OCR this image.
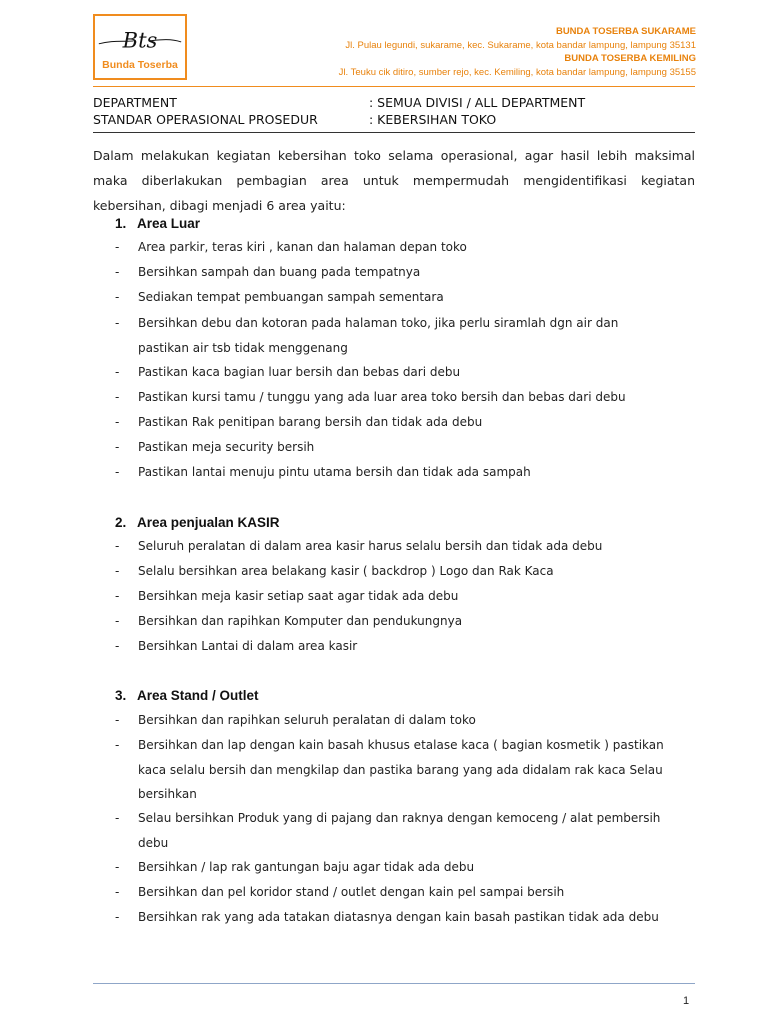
Bts
Bunda Toserba
BUNDA TOSERBA SUKARAME
Jl. Pulau legundi, sukarame, kec. Sukarame, kota bandar lampung, lampung 35131
BUNDA TOSERBA KEMILING
Jl. Teuku cik ditiro, sumber rejo, kec. Kemiling, kota bandar lampung, lampung 35155
DEPARTMENT	: SEMUA DIVISI / ALL DEPARTMENT
STANDAR OPERASIONAL PROSEDUR	: KEBERSIHAN TOKO
Dalam melakukan kegiatan kebersihan toko selama operasional, agar hasil lebih maksimal
maka diberlakukan pembagian area untuk mempermudah mengidentifikasi kegiatan
kebersihan, dibagi menjadi 6 area yaitu:
1. Area Luar
- Area parkir, teras kiri , kanan dan halaman depan toko
- Bersihkan sampah dan buang pada tempatnya
- Sediakan tempat pembuangan sampah sementara
- Bersihkan debu dan kotoran pada halaman toko, jika perlu siramlah dgn air dan
pastikan air tsb tidak menggenang
- Pastikan kaca bagian luar bersih dan bebas dari debu
- Pastikan kursi tamu / tunggu yang ada luar area toko bersih dan bebas dari debu
- Pastikan Rak penitipan barang bersih dan tidak ada debu
- Pastikan meja security bersih
- Pastikan lantai menuju pintu utama bersih dan tidak ada sampah
2. Area penjualan KASIR
- Seluruh peralatan di dalam area kasir harus selalu bersih dan tidak ada debu
- Selalu bersihkan area belakang kasir ( backdrop ) Logo dan Rak Kaca
- Bersihkan meja kasir setiap saat agar tidak ada debu
- Bersihkan dan rapihkan Komputer dan pendukungnya
- Bersihkan Lantai di dalam area kasir
3. Area Stand / Outlet
- Bersihkan dan rapihkan seluruh peralatan di dalam toko
- Bersihkan dan lap dengan kain basah khusus etalase kaca ( bagian kosmetik ) pastikan
kaca selalu bersih dan mengkilap dan pastika barang yang ada didalam rak kaca Selau
bersihkan
- Selau bersihkan Produk yang di pajang dan raknya dengan kemoceng / alat pembersih
debu
- Bersihkan / lap rak gantungan baju agar tidak ada debu
- Bersihkan dan pel koridor stand / outlet dengan kain pel sampai bersih
- Bersihkan rak yang ada tatakan diatasnya dengan kain basah pastikan tidak ada debu
1
